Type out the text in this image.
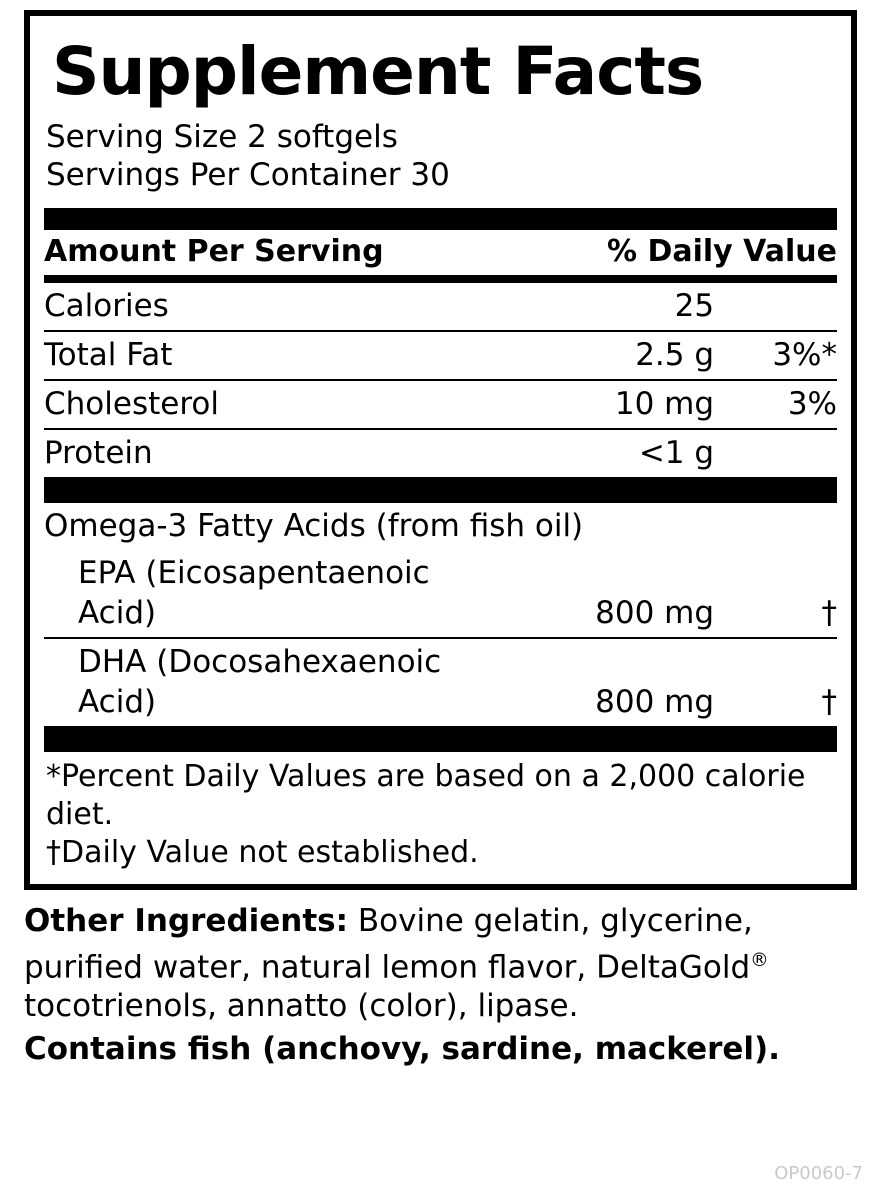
Supplement Facts
Serving Size 2 softgels
Servings Per Container 30
Amount Per Serving	% Daily Value
Calories	25	
Total Fat	2.5 g	3%*
Cholesterol	10 mg	3%
Protein	<1 g	
Omega-3 Fatty Acids (from fish oil)		
EPA (Eicosapentaenoic Acid)	800 mg	†
DHA (Docosahexaenoic Acid)	800 mg	†
*Percent Daily Values are based on a 2,000 calorie diet.
†Daily Value not established.
Other Ingredients: Bovine gelatin, glycerine, purified water, natural lemon flavor, DeltaGold® tocotrienols, annatto (color), lipase.
Contains fish (anchovy, sardine, mackerel).
OP0060-7
